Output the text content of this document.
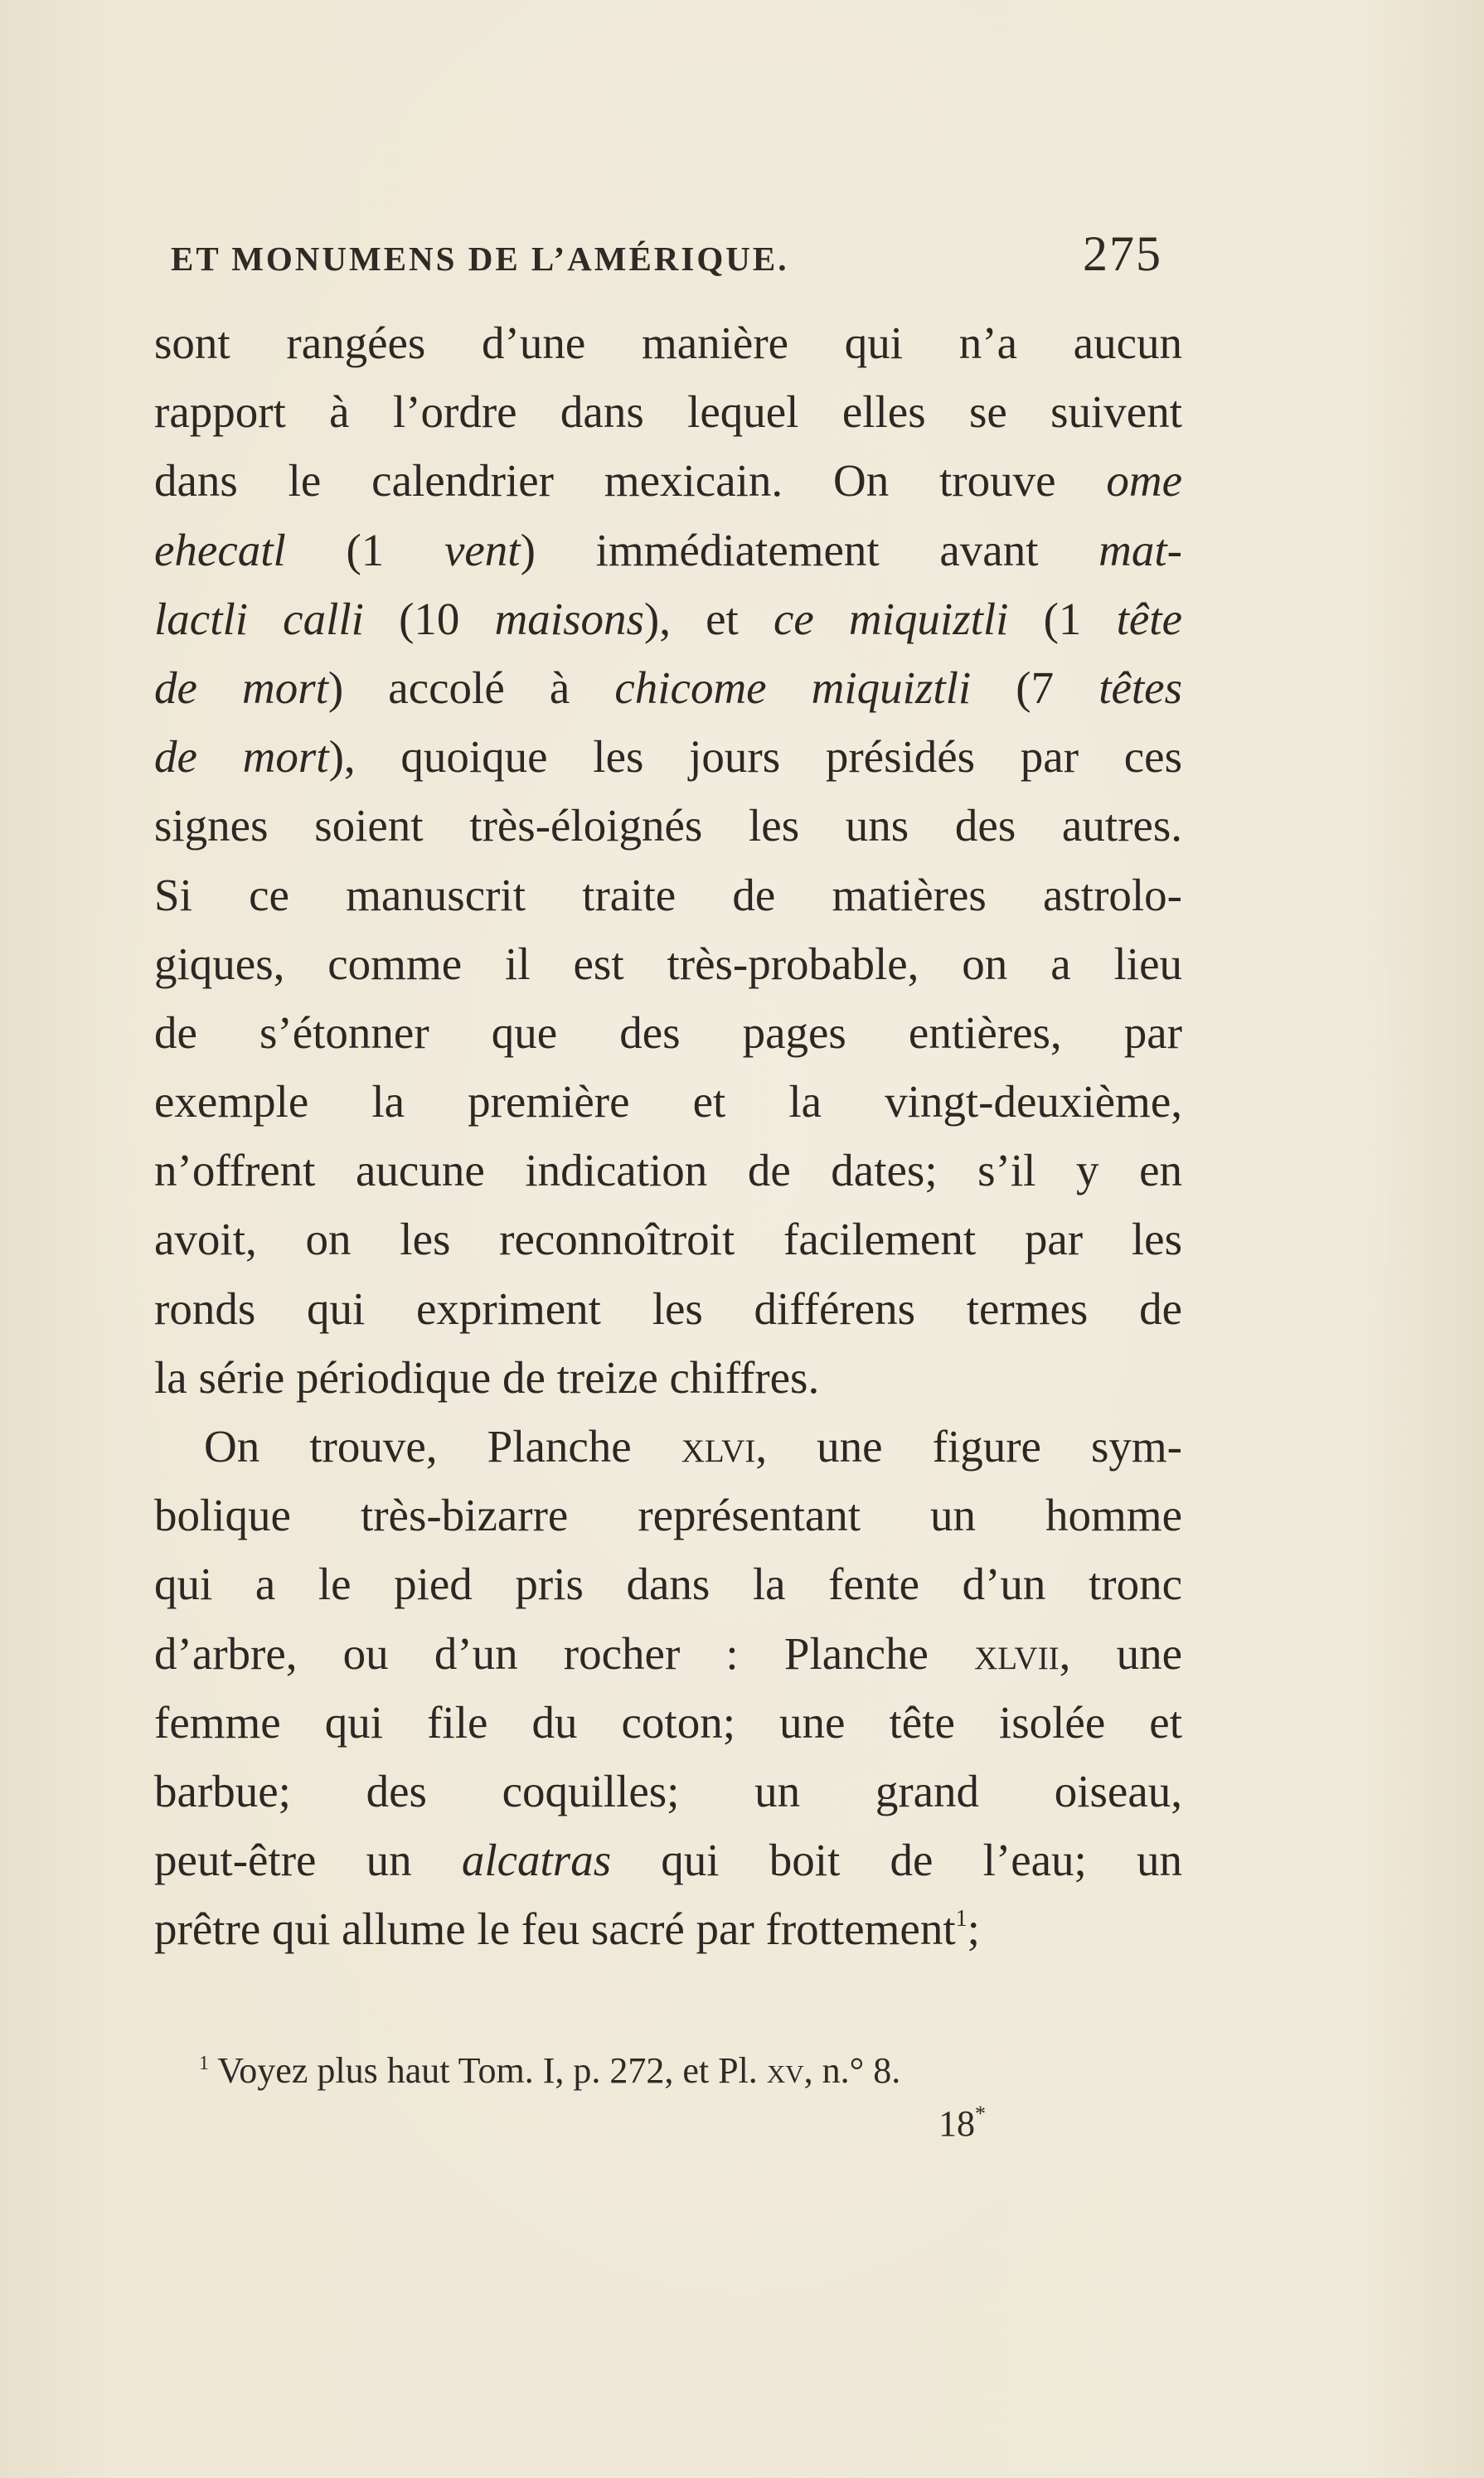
ET MONUMENS DE L’AMÉRIQUE.	275
sont rangées d’une manière qui n’a aucun
rapport à l’ordre dans lequel elles se suivent
dans le calendrier mexicain. On trouve ome
ehecatl (1 vent) immédiatement avant mat-
lactli calli (10 maisons), et ce miquiztli (1 tête
de mort) accolé à chicome miquiztli (7 têtes
de mort), quoique les jours présidés par ces
signes soient très-éloignés les uns des autres.
Si ce manuscrit traite de matières astrolo-
giques, comme il est très-probable, on a lieu
de s’étonner que des pages entières, par
exemple la première et la vingt-deuxième,
n’offrent aucune indication de dates; s’il y en
avoit, on les reconnoîtroit facilement par les
ronds qui expriment les différens termes de
la série périodique de treize chiffres.
On trouve, Planche xlvi, une figure sym-
bolique très-bizarre représentant un homme
qui a le pied pris dans la fente d’un tronc
d’arbre, ou d’un rocher : Planche xlvii, une
femme qui file du coton; une tête isolée et
barbue; des coquilles; un grand oiseau,
peut-être un alcatras qui boit de l’eau; un
prêtre qui allume le feu sacré par frottement$^1$;
$^1$ Voyez plus haut Tom. I, p. 272, et Pl. xv, n.° 8.
18*
